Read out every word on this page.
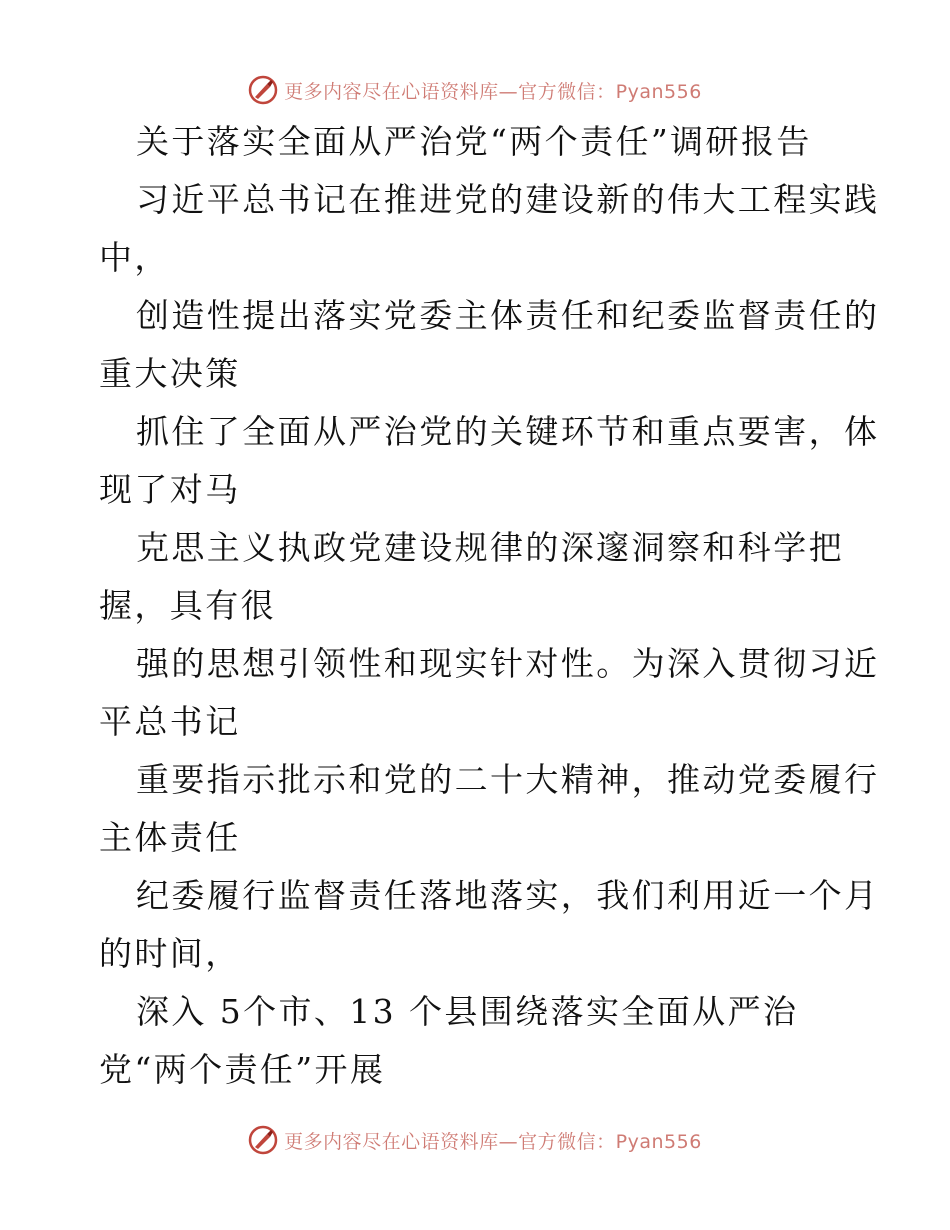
更多内容尽在心语资料库—官方微信：Pyan556
关于落实全面从严治党“两个责任”调研报告
习近平总书记在推进党的建设新的伟大工程实践
中，
创造性提出落实党委主体责任和纪委监督责任的
重大决策
抓住了全面从严治党的关键环节和重点要害，体
现了对马
克思主义执政党建设规律的深邃洞察和科学把
握，具有很
强的思想引领性和现实针对性。为深入贯彻习近
平总书记
重要指示批示和党的二十大精神，推动党委履行
主体责任
纪委履行监督责任落地落实，我们利用近一个月
的时间，
深入 5个市、13 个县围绕落实全面从严治
党“两个责任”开展
更多内容尽在心语资料库—官方微信：Pyan556
